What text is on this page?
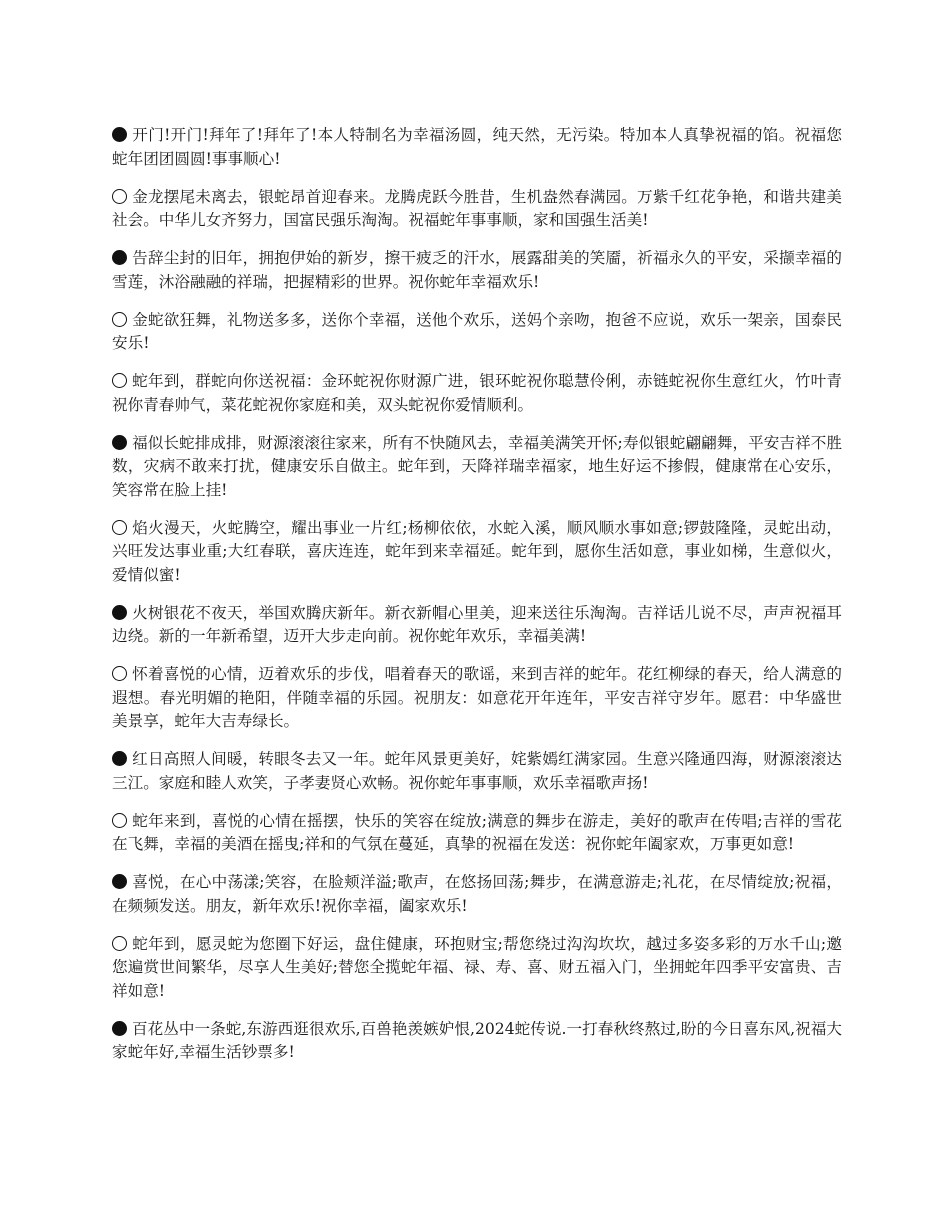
开门!开门!拜年了!拜年了!本人特制名为幸福汤圆，纯天然，无污染。特加本人真挚祝福的馅。祝福您蛇年团团圆圆!事事顺心!

金龙摆尾未离去，银蛇昂首迎春来。龙腾虎跃今胜昔，生机盎然春满园。万紫千红花争艳，和谐共建美社会。中华儿女齐努力，国富民强乐淘淘。祝福蛇年事事顺，家和国强生活美!

告辞尘封的旧年，拥抱伊始的新岁，擦干疲乏的汗水，展露甜美的笑靥，祈福永久的平安，采撷幸福的雪莲，沐浴融融的祥瑞，把握精彩的世界。祝你蛇年幸福欢乐!

金蛇欲狂舞，礼物送多多，送你个幸福，送他个欢乐，送妈个亲吻，抱爸不应说，欢乐一架亲，国泰民安乐!

蛇年到，群蛇向你送祝福：金环蛇祝你财源广进，银环蛇祝你聪慧伶俐，赤链蛇祝你生意红火，竹叶青祝你青春帅气，菜花蛇祝你家庭和美，双头蛇祝你爱情顺利。

福似长蛇排成排，财源滚滚往家来，所有不快随风去，幸福美满笑开怀;寿似银蛇翩翩舞，平安吉祥不胜数，灾病不敢来打扰，健康安乐自做主。蛇年到，天降祥瑞幸福家，地生好运不掺假，健康常在心安乐，笑容常在脸上挂!

焰火漫天，火蛇腾空，耀出事业一片红;杨柳依依，水蛇入溪，顺风顺水事如意;锣鼓隆隆，灵蛇出动，兴旺发达事业重;大红春联，喜庆连连，蛇年到来幸福延。蛇年到，愿你生活如意，事业如梯，生意似火，爱情似蜜!

火树银花不夜天，举国欢腾庆新年。新衣新帽心里美，迎来送往乐淘淘。吉祥话儿说不尽，声声祝福耳边绕。新的一年新希望，迈开大步走向前。祝你蛇年欢乐，幸福美满!

怀着喜悦的心情，迈着欢乐的步伐，唱着春天的歌谣，来到吉祥的蛇年。花红柳绿的春天，给人满意的遐想。春光明媚的艳阳，伴随幸福的乐园。祝朋友：如意花开年连年，平安吉祥守岁年。愿君：中华盛世美景享，蛇年大吉寿绿长。

红日高照人间暖，转眼冬去又一年。蛇年风景更美好，姹紫嫣红满家园。生意兴隆通四海，财源滚滚达三江。家庭和睦人欢笑，子孝妻贤心欢畅。祝你蛇年事事顺，欢乐幸福歌声扬!

蛇年来到，喜悦的心情在摇摆，快乐的笑容在绽放;满意的舞步在游走，美好的歌声在传唱;吉祥的雪花在飞舞，幸福的美酒在摇曳;祥和的气氛在蔓延，真挚的祝福在发送：祝你蛇年阖家欢，万事更如意!

喜悦，在心中荡漾;笑容，在脸颊洋溢;歌声，在悠扬回荡;舞步，在满意游走;礼花，在尽情绽放;祝福，在频频发送。朋友，新年欢乐!祝你幸福，阖家欢乐!

蛇年到，愿灵蛇为您圈下好运，盘住健康，环抱财宝;帮您绕过沟沟坎坎，越过多姿多彩的万水千山;邀您遍赏世间繁华，尽享人生美好;替您全揽蛇年福、禄、寿、喜、财五福入门，坐拥蛇年四季平安富贵、吉祥如意!

百花丛中一条蛇,东游西逛很欢乐,百兽艳羡嫉妒恨,2024蛇传说.一打春秋终熬过,盼的今日喜东风,祝福大家蛇年好,幸福生活钞票多!
